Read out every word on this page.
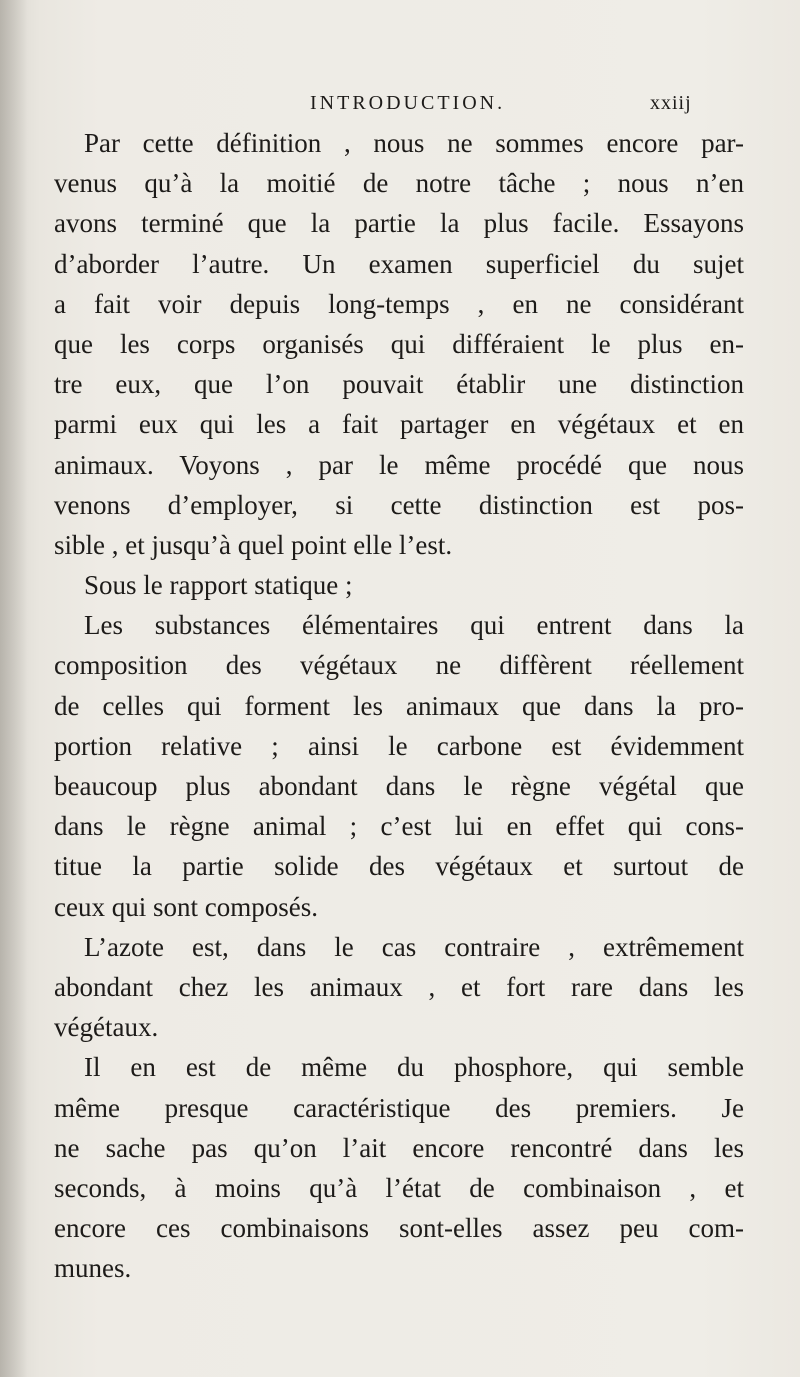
INTRODUCTION.	xxiij
Par cette définition , nous ne sommes encore par-
venus qu’à la moitié de notre tâche ; nous n’en
avons terminé que la partie la plus facile. Essayons
d’aborder l’autre. Un examen superficiel du sujet
a fait voir depuis long-temps , en ne considérant
que les corps organisés qui différaient le plus en-
tre eux, que l’on pouvait établir une distinction
parmi eux qui les a fait partager en végétaux et en
animaux. Voyons , par le même procédé que nous
venons d’employer, si cette distinction est pos-
sible , et jusqu’à quel point elle l’est.
Sous le rapport statique ;
Les substances élémentaires qui entrent dans la
composition des végétaux ne diffèrent réellement
de celles qui forment les animaux que dans la pro-
portion relative ; ainsi le carbone est évidemment
beaucoup plus abondant dans le règne végétal que
dans le règne animal ; c’est lui en effet qui cons-
titue la partie solide des végétaux et surtout de
ceux qui sont composés.
L’azote est, dans le cas contraire , extrêmement
abondant chez les animaux , et fort rare dans les
végétaux.
Il en est de même du phosphore, qui semble
même presque caractéristique des premiers. Je
ne sache pas qu’on l’ait encore rencontré dans les
seconds, à moins qu’à l’état de combinaison , et
encore ces combinaisons sont-elles assez peu com-
munes.
